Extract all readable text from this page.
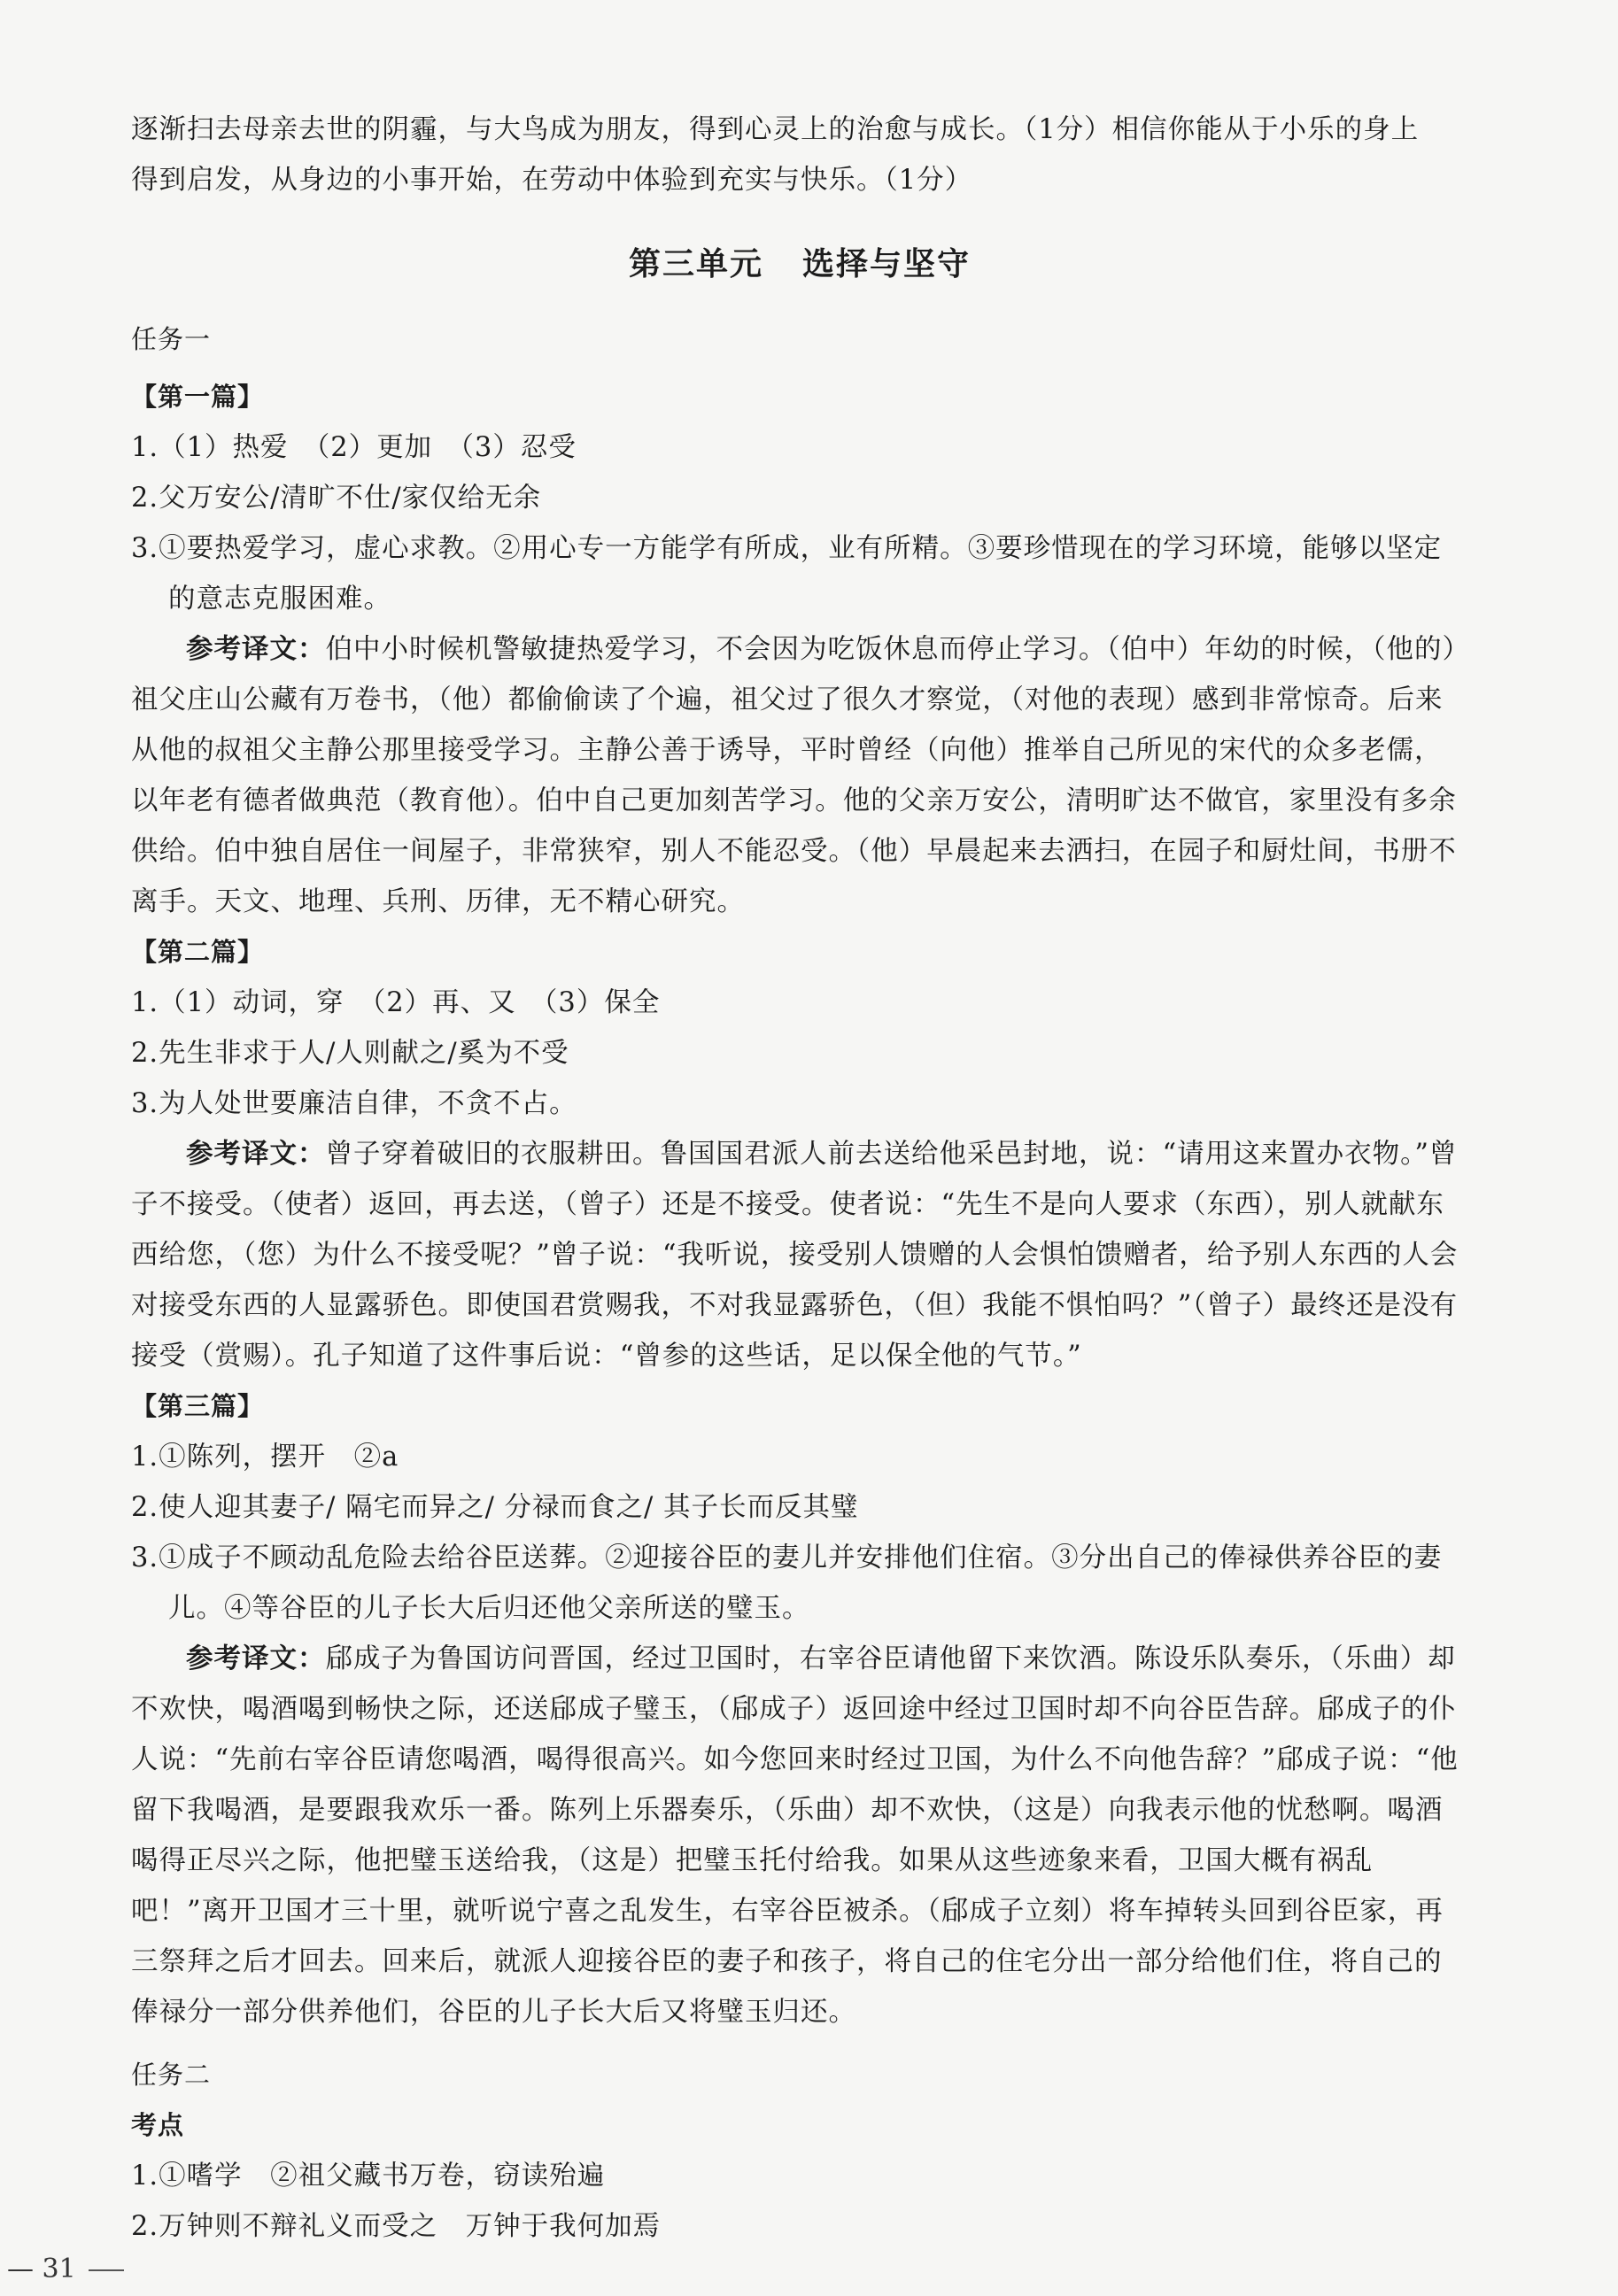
逐渐扫去母亲去世的阴霾，与大鸟成为朋友，得到心灵上的治愈与成长。（1分）相信你能从于小乐的身上

得到启发，从身边的小事开始，在劳动中体验到充实与快乐。（1分）

第三单元 选择与坚守

任务一

【第一篇】

1.（1）热爱　（2）更加　（3）忍受

2.父万安公/清旷不仕/家仅给无余

3.①要热爱学习，虚心求教。②用心专一方能学有所成，业有所精。③要珍惜现在的学习环境，能够以坚定的意志克服困难。

参考译文：伯中小时候机警敏捷热爱学习，不会因为吃饭休息而停止学习。（伯中）年幼的时候，（他的）祖父庄山公藏有万卷书，（他）都偷偷读了个遍，祖父过了很久才察觉，（对他的表现）感到非常惊奇。后来从他的叔祖父主静公那里接受学习。主静公善于诱导，平时曾经（向他）推举自己所见的宋代的众多老儒，以年老有德者做典范（教育他）。伯中自己更加刻苦学习。他的父亲万安公，清明旷达不做官，家里没有多余供给。伯中独自居住一间屋子，非常狭窄，别人不能忍受。（他）早晨起来去洒扫，在园子和厨灶间，书册不离手。天文、地理、兵刑、历律，无不精心研究。

【第二篇】

1.（1）动词，穿　（2）再、又　（3）保全

2.先生非求于人/人则献之/奚为不受

3.为人处世要廉洁自律，不贪不占。

参考译文：曾子穿着破旧的衣服耕田。鲁国国君派人前去送给他采邑封地，说：“请用这来置办衣物。”曾子不接受。（使者）返回，再去送，（曾子）还是不接受。使者说：“先生不是向人要求（东西），别人就献东西给您，（您）为什么不接受呢？”曾子说：“我听说，接受别人馈赠的人会惧怕馈赠者，给予别人东西的人会对接受东西的人显露骄色。即使国君赏赐我，不对我显露骄色，（但）我能不惧怕吗？”（曾子）最终还是没有接受（赏赐）。孔子知道了这件事后说：“曾参的这些话，足以保全他的气节。”

【第三篇】

1.①陈列，摆开　②a

2.使人迎其妻子/ 隔宅而异之/ 分禄而食之/ 其子长而反其璧

3.①成子不顾动乱危险去给谷臣送葬。②迎接谷臣的妻儿并安排他们住宿。③分出自己的俸禄供养谷臣的妻儿。④等谷臣的儿子长大后归还他父亲所送的璧玉。

参考译文：郈成子为鲁国访问晋国，经过卫国时，右宰谷臣请他留下来饮酒。陈设乐队奏乐，（乐曲）却不欢快，喝酒喝到畅快之际，还送郈成子璧玉，（郈成子）返回途中经过卫国时却不向谷臣告辞。郈成子的仆人说：“先前右宰谷臣请您喝酒，喝得很高兴。如今您回来时经过卫国，为什么不向他告辞？”郈成子说：“他留下我喝酒，是要跟我欢乐一番。陈列上乐器奏乐，（乐曲）却不欢快，（这是）向我表示他的忧愁啊。喝酒喝得正尽兴之际，他把璧玉送给我，（这是）把璧玉托付给我。如果从这些迹象来看，卫国大概有祸乱吧！”离开卫国才三十里，就听说宁喜之乱发生，右宰谷臣被杀。（郈成子立刻）将车掉转头回到谷臣家，再三祭拜之后才回去。回来后，就派人迎接谷臣的妻子和孩子，将自己的住宅分出一部分给他们住，将自己的俸禄分一部分供养他们，谷臣的儿子长大后又将璧玉归还。

任务二

考点

1.①嗜学　②祖父藏书万卷，窃读殆遍

2.万钟则不辩礼义而受之　万钟于我何加焉

— 31
